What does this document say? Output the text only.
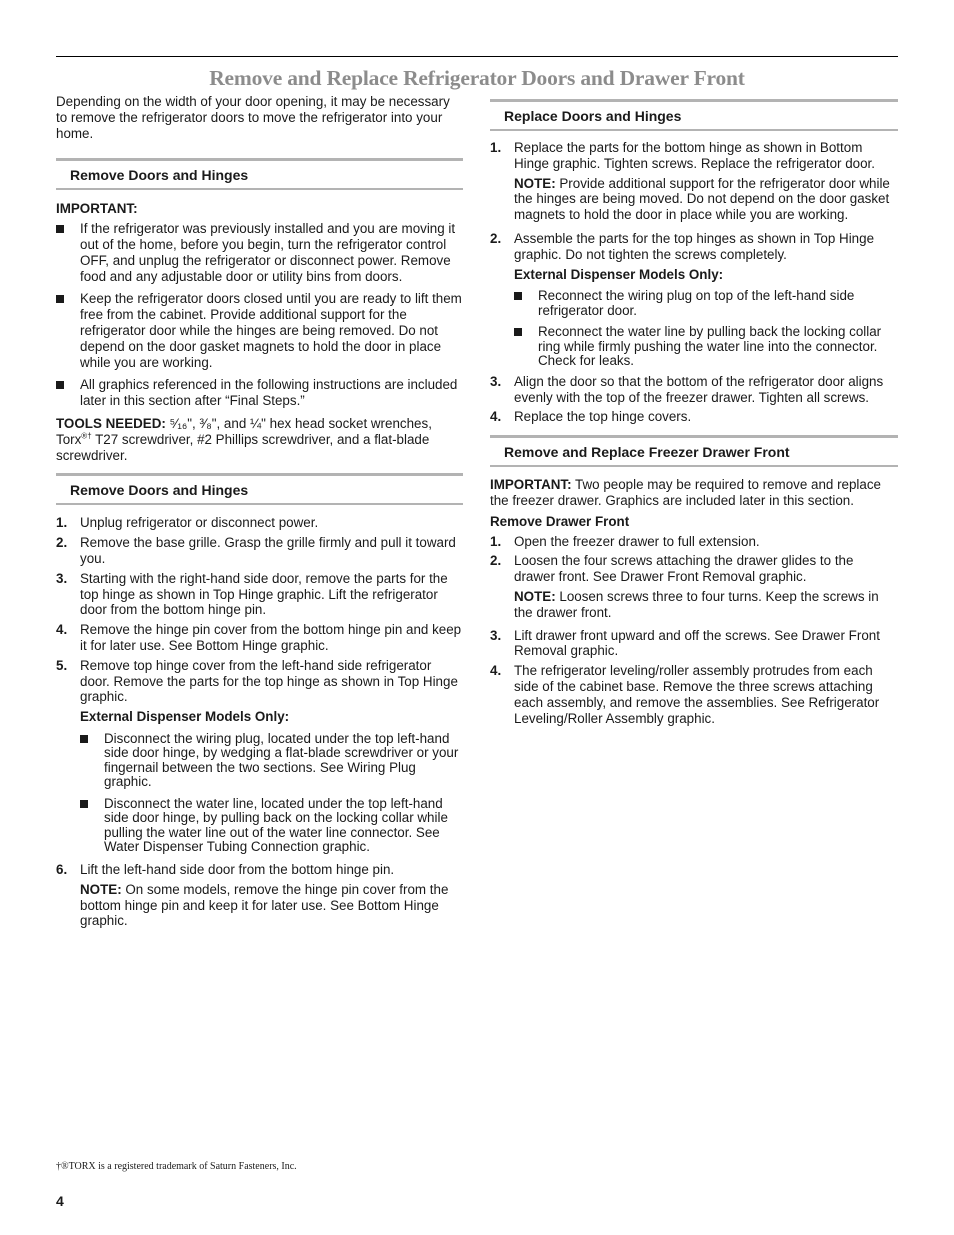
Remove and Replace Refrigerator Doors and Drawer Front

Depending on the width of your door opening, it may be necessary to remove the refrigerator doors to move the refrigerator into your home.

Remove Doors and Hinges

IMPORTANT:

If the refrigerator was previously installed and you are moving it out of the home, before you begin, turn the refrigerator control OFF, and unplug the refrigerator or disconnect power. Remove food and any adjustable door or utility bins from doors.
Keep the refrigerator doors closed until you are ready to lift them free from the cabinet. Provide additional support for the refrigerator door while the hinges are being removed. Do not depend on the door gasket magnets to hold the door in place while you are working.
All graphics referenced in the following instructions are included later in this section after “Final Steps.”

TOOLS NEEDED: ⁵⁄₁₆", ³⁄₈", and ¼" hex head socket wrenches, Torx®† T27 screwdriver, #2 Phillips screwdriver, and a flat-blade screwdriver.

Remove Doors and Hinges
1. Unplug refrigerator or disconnect power.
2. Remove the base grille. Grasp the grille firmly and pull it toward you.
3. Starting with the right-hand side door, remove the parts for the top hinge as shown in Top Hinge graphic. Lift the refrigerator door from the bottom hinge pin.
4. Remove the hinge pin cover from the bottom hinge pin and keep it for later use. See Bottom Hinge graphic.
5. Remove top hinge cover from the left-hand side refrigerator door. Remove the parts for the top hinge as shown in Top Hinge graphic.

External Dispenser Models Only:

Disconnect the wiring plug, located under the top left-hand side door hinge, by wedging a flat-blade screwdriver or your fingernail between the two sections. See Wiring Plug graphic.
Disconnect the water line, located under the top left-hand side door hinge, by pulling back on the locking collar while pulling the water line out of the water line connector. See Water Dispenser Tubing Connection graphic.
6. Lift the left-hand side door from the bottom hinge pin.

NOTE: On some models, remove the hinge pin cover from the bottom hinge pin and keep it for later use. See Bottom Hinge graphic.

Replace Doors and Hinges
1. Replace the parts for the bottom hinge as shown in Bottom Hinge graphic. Tighten screws. Replace the refrigerator door.

NOTE: Provide additional support for the refrigerator door while the hinges are being moved. Do not depend on the door gasket magnets to hold the door in place while you are working.

2. Assemble the parts for the top hinges as shown in Top Hinge graphic. Do not tighten the screws completely.

External Dispenser Models Only:

Reconnect the wiring plug on top of the left-hand side refrigerator door.
Reconnect the water line by pulling back the locking collar ring while firmly pushing the water line into the connector. Check for leaks.
3. Align the door so that the bottom of the refrigerator door aligns evenly with the top of the freezer drawer. Tighten all screws.
4. Replace the top hinge covers.
Remove and Replace Freezer Drawer Front

IMPORTANT: Two people may be required to remove and replace the freezer drawer. Graphics are included later in this section.

Remove Drawer Front

1. Open the freezer drawer to full extension.
2. Loosen the four screws attaching the drawer glides to the drawer front. See Drawer Front Removal graphic.

NOTE: Loosen screws three to four turns. Keep the screws in the drawer front.

3. Lift drawer front upward and off the screws. See Drawer Front Removal graphic.
4. The refrigerator leveling/roller assembly protrudes from each side of the cabinet base. Remove the three screws attaching each assembly, and remove the assemblies. See Refrigerator Leveling/Roller Assembly graphic.
†®TORX is a registered trademark of Saturn Fasteners, Inc.
4
